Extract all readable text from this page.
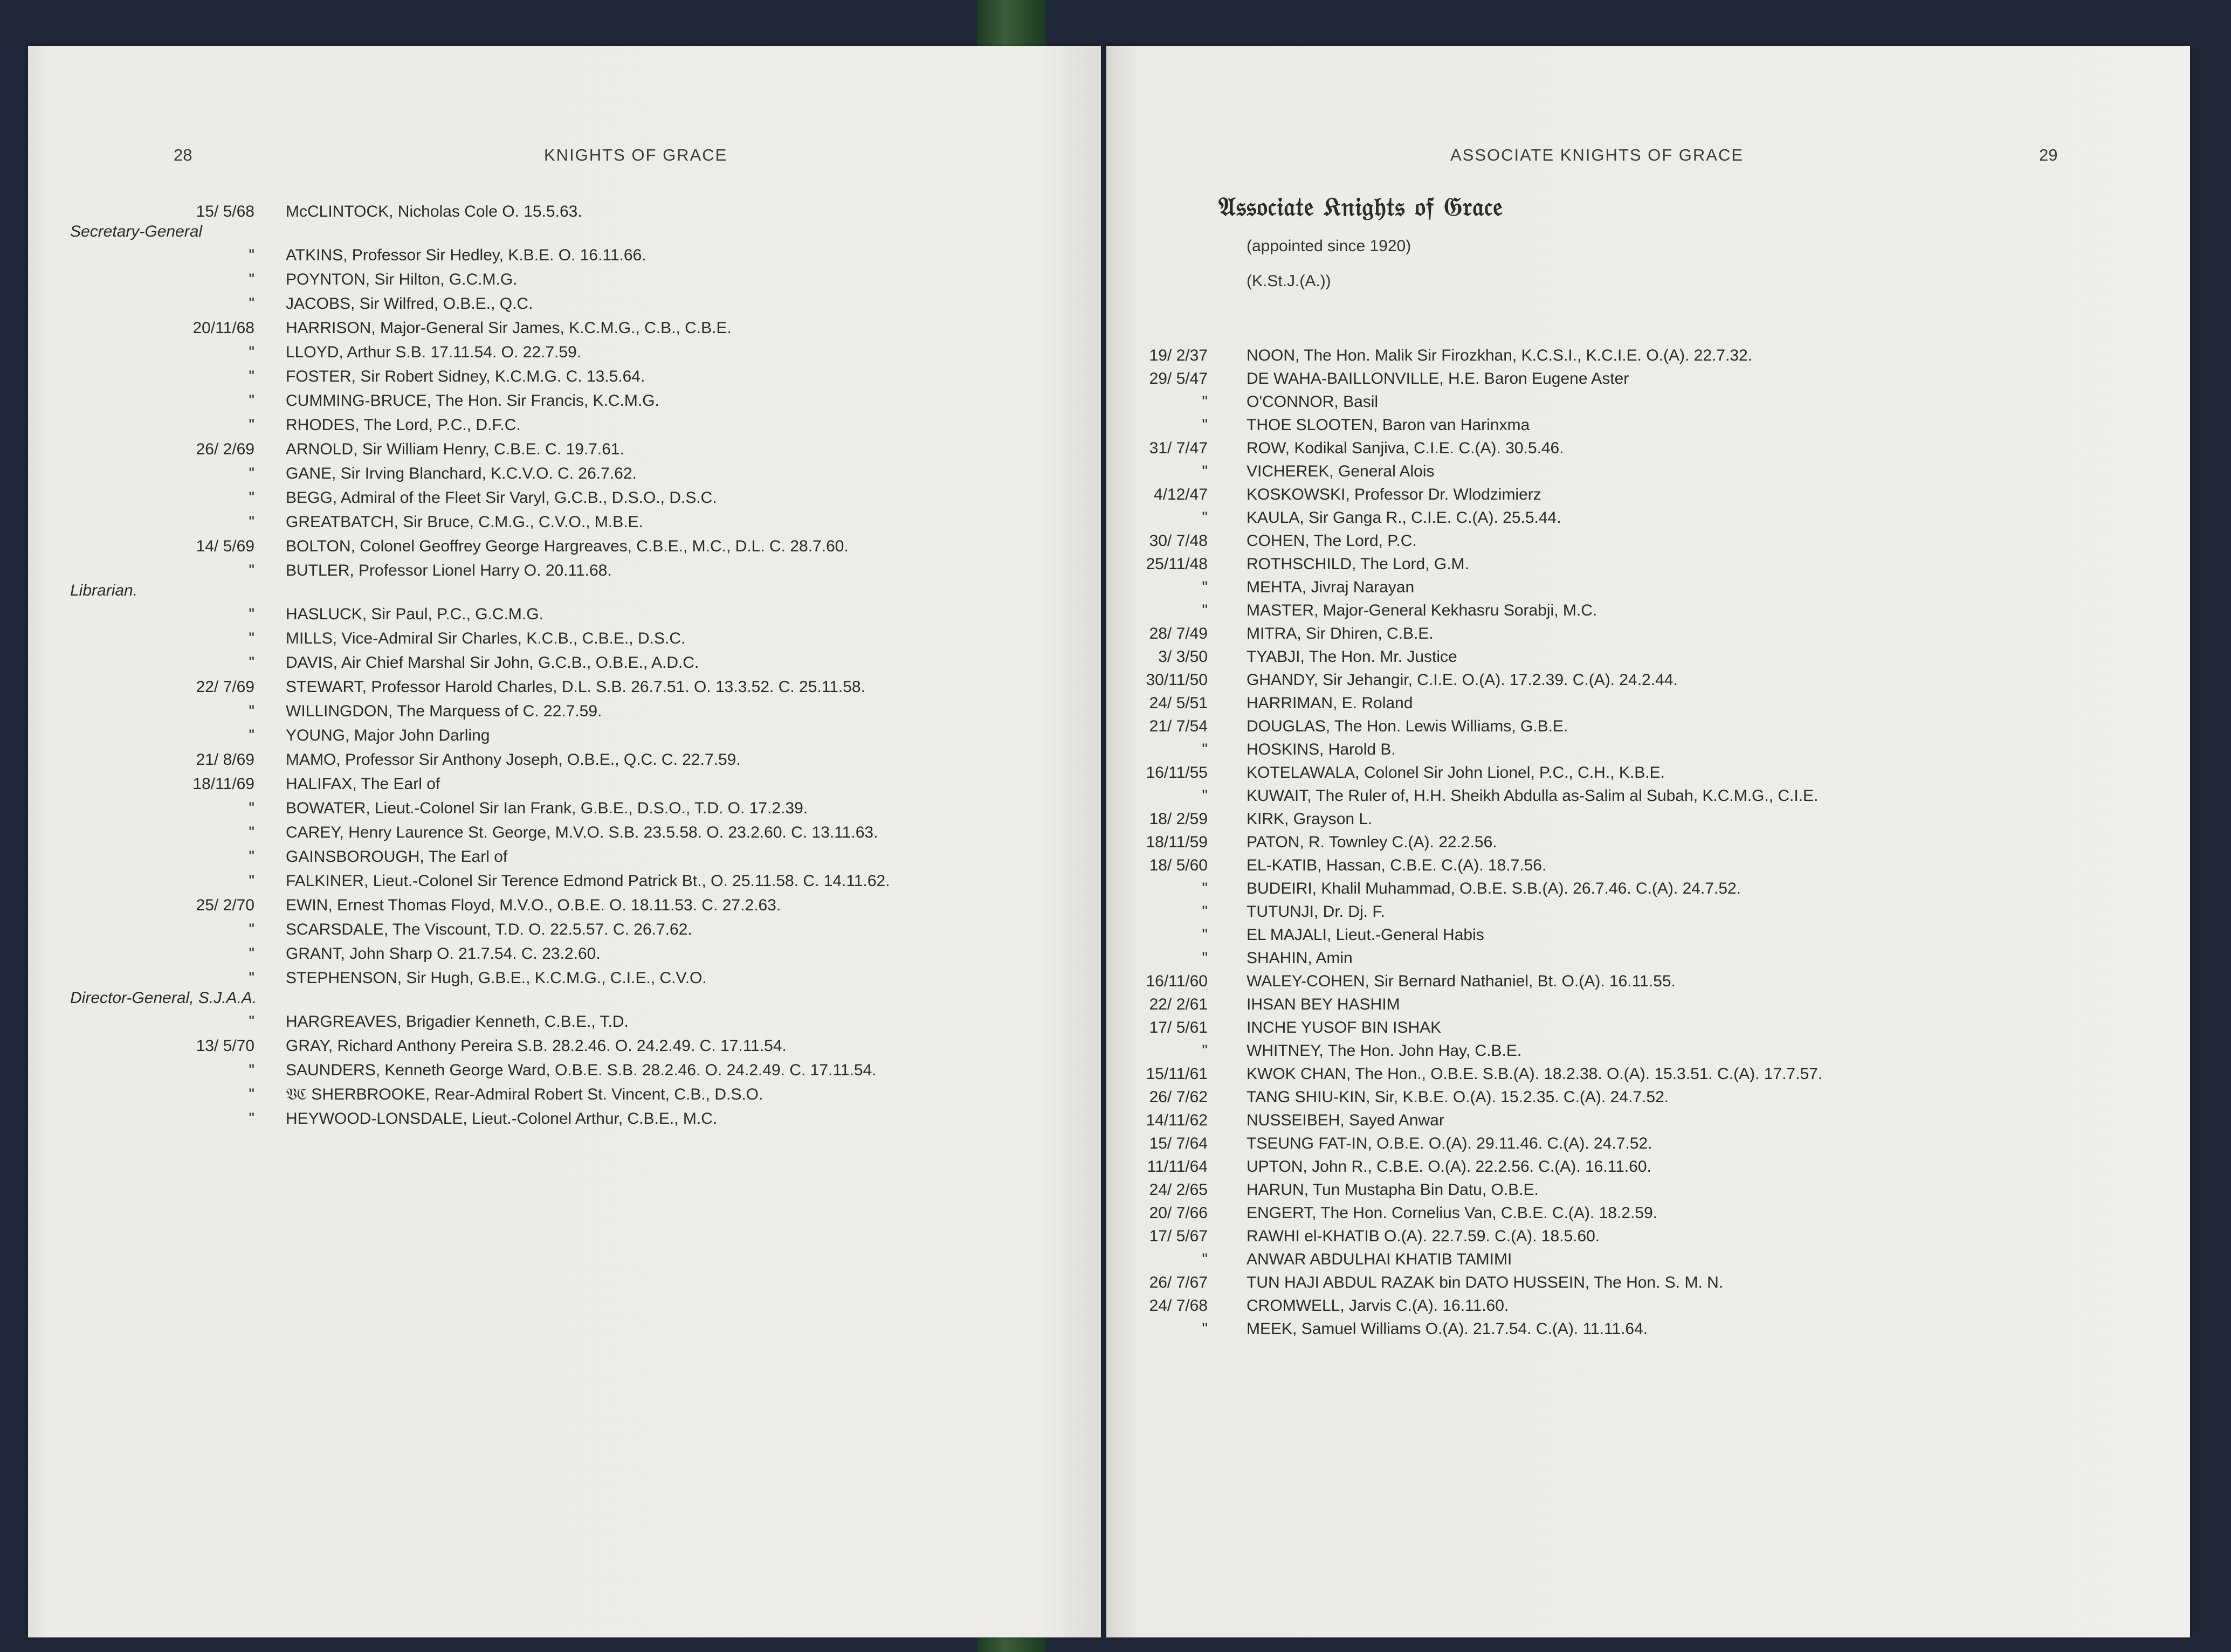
28	KNIGHTS OF GRACE
15/ 5/68 McCLINTOCK, Nicholas Cole O. 15.5.63.
Secretary-General
" ATKINS, Professor Sir Hedley, K.B.E. O. 16.11.66.
" POYNTON, Sir Hilton, G.C.M.G.
" JACOBS, Sir Wilfred, O.B.E., Q.C.
20/11/68 HARRISON, Major-General Sir James, K.C.M.G., C.B., C.B.E.
" LLOYD, Arthur S.B. 17.11.54. O. 22.7.59.
" FOSTER, Sir Robert Sidney, K.C.M.G. C. 13.5.64.
" CUMMING-BRUCE, The Hon. Sir Francis, K.C.M.G.
" RHODES, The Lord, P.C., D.F.C.
26/ 2/69 ARNOLD, Sir William Henry, C.B.E. C. 19.7.61.
" GANE, Sir Irving Blanchard, K.C.V.O. C. 26.7.62.
" BEGG, Admiral of the Fleet Sir Varyl, G.C.B., D.S.O., D.S.C.
" GREATBATCH, Sir Bruce, C.M.G., C.V.O., M.B.E.
14/ 5/69 BOLTON, Colonel Geoffrey George Hargreaves, C.B.E., M.C., D.L. C. 28.7.60.
" BUTLER, Professor Lionel Harry O. 20.11.68.
Librarian.
" HASLUCK, Sir Paul, P.C., G.C.M.G.
" MILLS, Vice-Admiral Sir Charles, K.C.B., C.B.E., D.S.C.
" DAVIS, Air Chief Marshal Sir John, G.C.B., O.B.E., A.D.C.
22/ 7/69 STEWART, Professor Harold Charles, D.L. S.B. 26.7.51. O. 13.3.52. C. 25.11.58.
" WILLINGDON, The Marquess of C. 22.7.59.
" YOUNG, Major John Darling
21/ 8/69 MAMO, Professor Sir Anthony Joseph, O.B.E., Q.C. C. 22.7.59.
18/11/69 HALIFAX, The Earl of
" BOWATER, Lieut.-Colonel Sir Ian Frank, G.B.E., D.S.O., T.D. O. 17.2.39.
" CAREY, Henry Laurence St. George, M.V.O. S.B. 23.5.58. O. 23.2.60. C. 13.11.63.
" GAINSBOROUGH, The Earl of
" FALKINER, Lieut.-Colonel Sir Terence Edmond Patrick Bt., O. 25.11.58. C. 14.11.62.
25/ 2/70 EWIN, Ernest Thomas Floyd, M.V.O., O.B.E. O. 18.11.53. C. 27.2.63.
" SCARSDALE, The Viscount, T.D. O. 22.5.57. C. 26.7.62.
" GRANT, John Sharp O. 21.7.54. C. 23.2.60.
" STEPHENSON, Sir Hugh, G.B.E., K.C.M.G., C.I.E., C.V.O.
Director-General, S.J.A.A.
" HARGREAVES, Brigadier Kenneth, C.B.E., T.D.
13/ 5/70 GRAY, Richard Anthony Pereira S.B. 28.2.46. O. 24.2.49. C. 17.11.54.
" SAUNDERS, Kenneth George Ward, O.B.E. S.B. 28.2.46. O. 24.2.49. C. 17.11.54.
" 𝔙ℭ SHERBROOKE, Rear-Admiral Robert St. Vincent, C.B., D.S.O.
" HEYWOOD-LONSDALE, Lieut.-Colonel Arthur, C.B.E., M.C.
ASSOCIATE KNIGHTS OF GRACE	29
19/ 2/37 NOON, The Hon. Malik Sir Firozkhan, K.C.S.I., K.C.I.E. O.(A). 22.7.32.
29/ 5/47 DE WAHA-BAILLONVILLE, H.E. Baron Eugene Aster
" O'CONNOR, Basil
" THOE SLOOTEN, Baron van Harinxma
31/ 7/47 ROW, Kodikal Sanjiva, C.I.E. C.(A). 30.5.46.
" VICHEREK, General Alois
4/12/47 KOSKOWSKI, Professor Dr. Wlodzimierz
" KAULA, Sir Ganga R., C.I.E. C.(A). 25.5.44.
30/ 7/48 COHEN, The Lord, P.C.
25/11/48 ROTHSCHILD, The Lord, G.M.
" MEHTA, Jivraj Narayan
" MASTER, Major-General Kekhasru Sorabji, M.C.
28/ 7/49 MITRA, Sir Dhiren, C.B.E.
3/ 3/50 TYABJI, The Hon. Mr. Justice
30/11/50 GHANDY, Sir Jehangir, C.I.E. O.(A). 17.2.39. C.(A). 24.2.44.
24/ 5/51 HARRIMAN, E. Roland
21/ 7/54 DOUGLAS, The Hon. Lewis Williams, G.B.E.
" HOSKINS, Harold B.
16/11/55 KOTELAWALA, Colonel Sir John Lionel, P.C., C.H., K.B.E.
" KUWAIT, The Ruler of, H.H. Sheikh Abdulla as-Salim al Subah, K.C.M.G., C.I.E.
18/ 2/59 KIRK, Grayson L.
18/11/59 PATON, R. Townley C.(A). 22.2.56.
18/ 5/60 EL-KATIB, Hassan, C.B.E. C.(A). 18.7.56.
" BUDEIRI, Khalil Muhammad, O.B.E. S.B.(A). 26.7.46. C.(A). 24.7.52.
" TUTUNJI, Dr. Dj. F.
" EL MAJALI, Lieut.-General Habis
" SHAHIN, Amin
16/11/60 WALEY-COHEN, Sir Bernard Nathaniel, Bt. O.(A). 16.11.55.
22/ 2/61 IHSAN BEY HASHIM
17/ 5/61 INCHE YUSOF BIN ISHAK
" WHITNEY, The Hon. John Hay, C.B.E.
15/11/61 KWOK CHAN, The Hon., O.B.E. S.B.(A). 18.2.38. O.(A). 15.3.51. C.(A). 17.7.57.
26/ 7/62 TANG SHIU-KIN, Sir, K.B.E. O.(A). 15.2.35. C.(A). 24.7.52.
14/11/62 NUSSEIBEH, Sayed Anwar
15/ 7/64 TSEUNG FAT-IN, O.B.E. O.(A). 29.11.46. C.(A). 24.7.52.
11/11/64 UPTON, John R., C.B.E. O.(A). 22.2.56. C.(A). 16.11.60.
24/ 2/65 HARUN, Tun Mustapha Bin Datu, O.B.E.
20/ 7/66 ENGERT, The Hon. Cornelius Van, C.B.E. C.(A). 18.2.59.
17/ 5/67 RAWHI el-KHATIB O.(A). 22.7.59. C.(A). 18.5.60.
" ANWAR ABDULHAI KHATIB TAMIMI
26/ 7/67 TUN HAJI ABDUL RAZAK bin DATO HUSSEIN, The Hon. S. M. N.
24/ 7/68 CROMWELL, Jarvis C.(A). 16.11.60.
" MEEK, Samuel Williams O.(A). 21.7.54. C.(A). 11.11.64.
𝔄𝔰𝔰𝔬𝔠𝔦𝔞𝔱𝔢 𝔎𝔫𝔦𝔤𝔥𝔱𝔰 𝔬𝔣 𝔊𝔯𝔞𝔠𝔢
(appointed since 1920)
(K.St.J.(A.))
